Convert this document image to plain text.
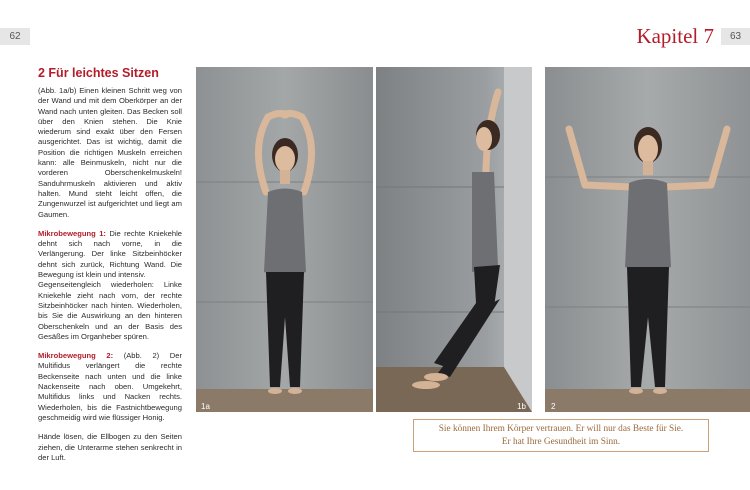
62	63
Kapitel 7
2 Für leichtes Sitzen

(Abb. 1a/b) Einen kleinen Schritt weg von der Wand und mit dem Oberkörper an der Wand nach unten gleiten. Das Becken soll über den Knien stehen. Die Knie wiederum sind exakt über den Fersen ausgerichtet. Das ist wichtig, damit die Position die richtigen Muskeln erreichen kann: alle Beinmuskeln, nicht nur die vorderen Oberschenkelmuskeln! Sanduhrmuskeln aktivieren und aktiv halten. Mund steht leicht offen, die Zungenwurzel ist aufgerichtet und liegt am Gaumen.

Mikrobewegung 1: Die rechte Kniekehle dehnt sich nach vorne, in die Verlängerung. Der linke Sitzbeinhöcker dehnt sich zurück, Richtung Wand. Die Bewegung ist klein und intensiv.

Gegenseitengleich wiederholen: Linke Kniekehle zieht nach vorn, der rechte Sitzbeinhöcker nach hinten. Wiederholen, bis Sie die Auswirkung an den hinteren Oberschenkeln und an der Basis des Gesäßes im Organheber spüren.

Mikrobewegung 2: (Abb. 2) Der Multifidus verlängert die rechte Beckenseite nach unten und die linke Nackenseite nach oben. Umgekehrt, Multifidus links und Nacken rechts. Wiederholen, bis die Fastnichtbewegung geschmeidig wird wie flüssiger Honig.

Hände lösen, die Ellbogen zu den Seiten ziehen, die Unterarme stehen senkrecht in der Luft.

1a	1b	2
Sie können Ihrem Körper vertrauen. Er will nur das Beste für Sie.
Er hat Ihre Gesundheit im Sinn.
